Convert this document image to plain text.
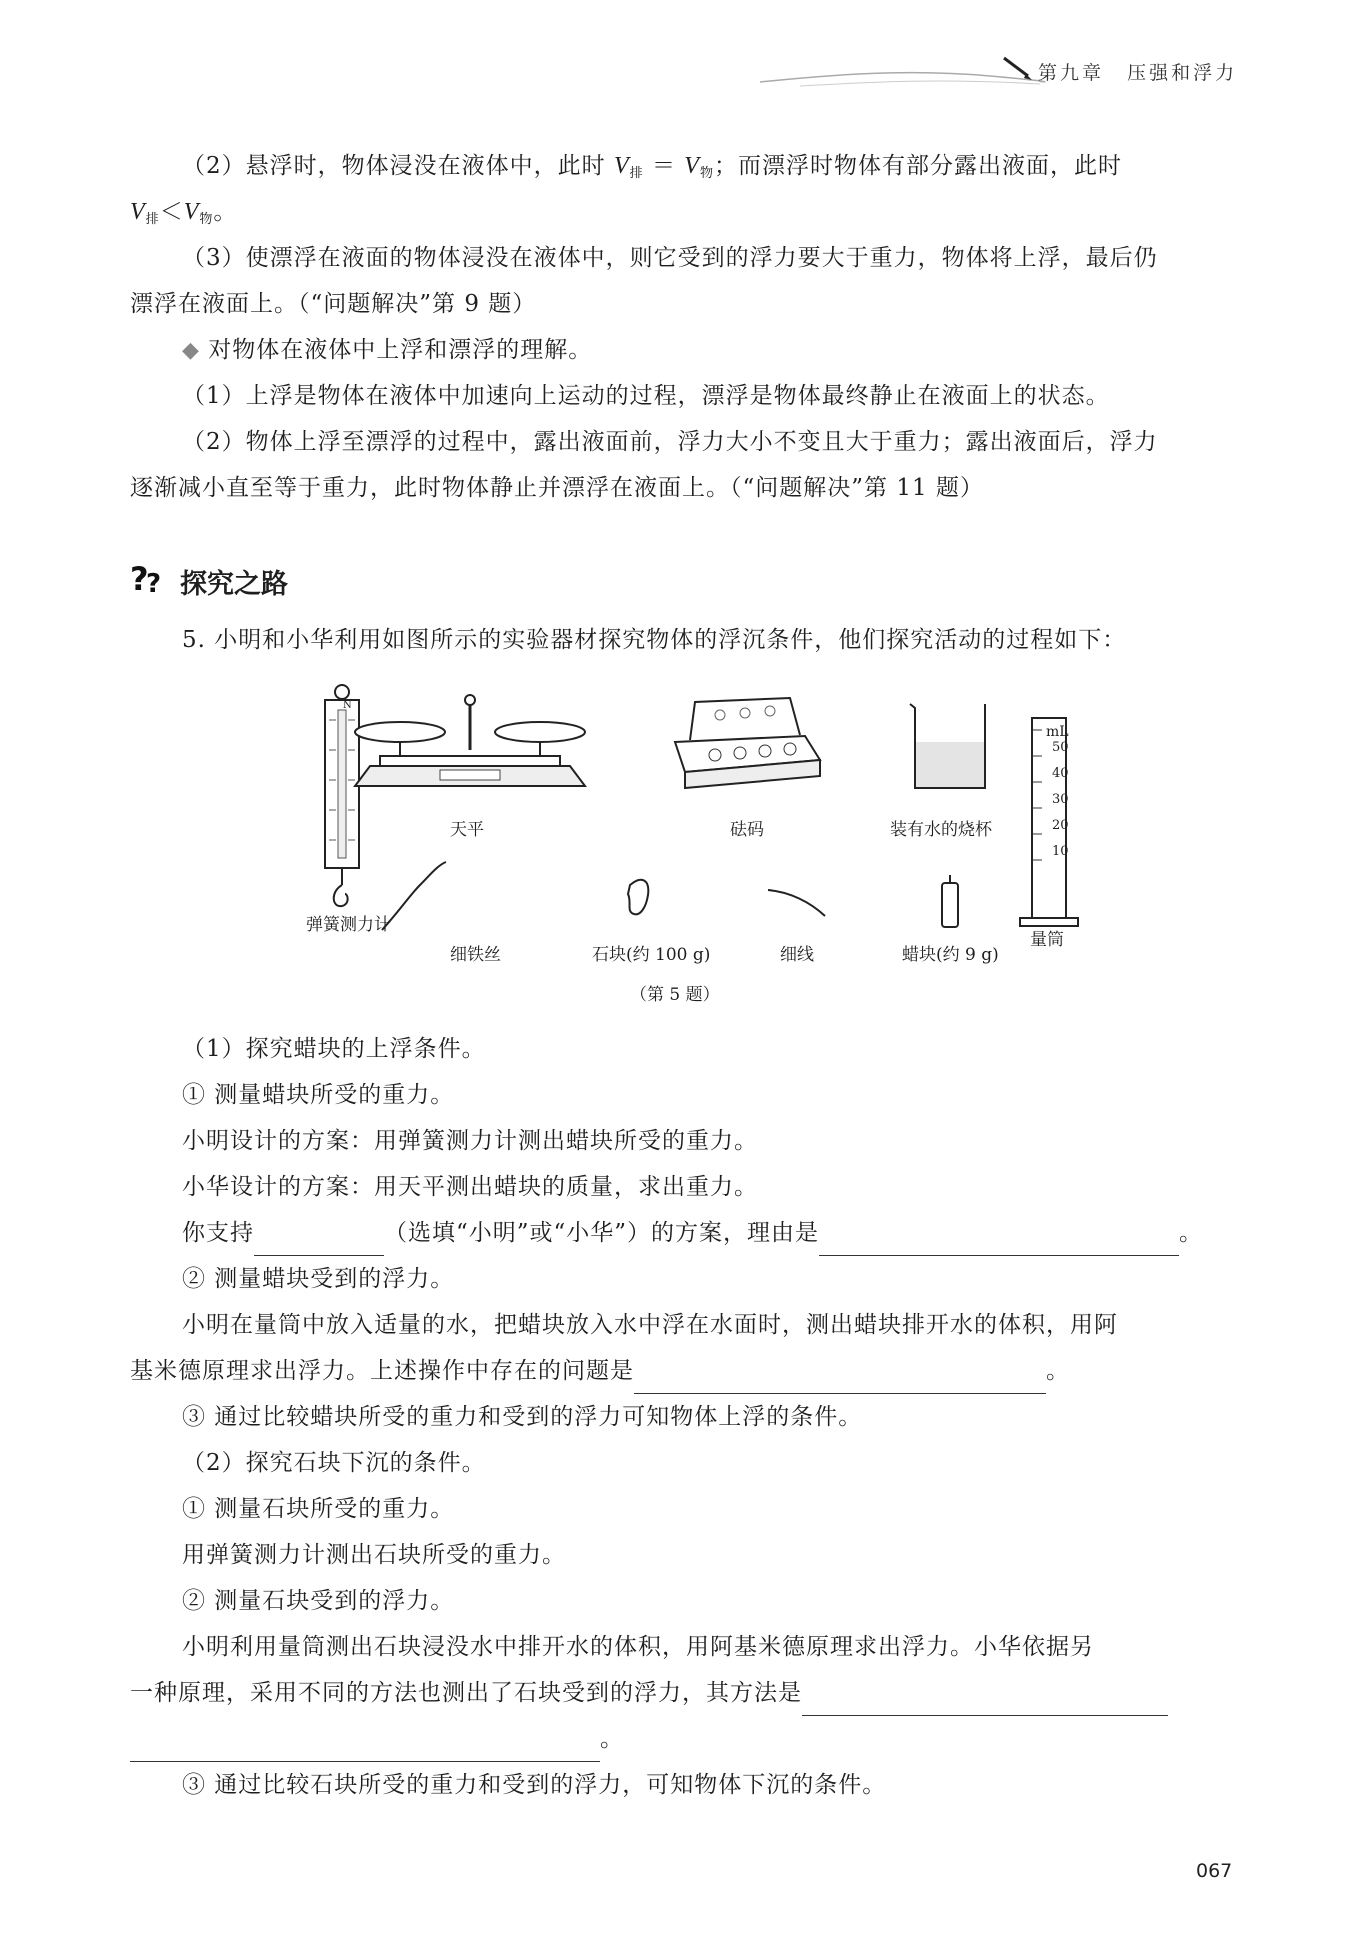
第九章 压强和浮力
（2）悬浮时，物体浸没在液体中，此时 $V_排 = V_物$；而漂浮时物体有部分露出液面，此时
$V_排<V_物$。
（3）使漂浮在液面的物体浸没在液体中，则它受到的浮力要大于重力，物体将上浮，最后仍
漂浮在液面上。（“问题解决”第 9 题）
◆ 对物体在液体中上浮和漂浮的理解。
（1）上浮是物体在液体中加速向上运动的过程，漂浮是物体最终静止在液面上的状态。
（2）物体上浮至漂浮的过程中，露出液面前，浮力大小不变且大于重力；露出液面后，浮力
逐渐减小直至等于重力，此时物体静止并漂浮在液面上。（“问题解决”第 11 题）
?
? 探究之路
5. 小明和小华利用如图所示的实验器材探究物体的浮沉条件，他们探究活动的过程如下：
N
mL
50
40
30
20
10
天平	砝码	装有水的烧杯
弹簧测力计
量筒
细铁丝	石块(约 100 g)	细线	蜡块(约 9 g)
（第 5 题）
（1）探究蜡块的上浮条件。
① 测量蜡块所受的重力。
小明设计的方案：用弹簧测力计测出蜡块所受的重力。
小华设计的方案：用天平测出蜡块的质量，求出重力。
你支持	（选填“小明”或“小华”）的方案，理由是	。
② 测量蜡块受到的浮力。
小明在量筒中放入适量的水，把蜡块放入水中浮在水面时，测出蜡块排开水的体积，用阿
基米德原理求出浮力。上述操作中存在的问题是	。
③ 通过比较蜡块所受的重力和受到的浮力可知物体上浮的条件。
（2）探究石块下沉的条件。
① 测量石块所受的重力。
用弹簧测力计测出石块所受的重力。
② 测量石块受到的浮力。
小明利用量筒测出石块浸没水中排开水的体积，用阿基米德原理求出浮力。小华依据另
一种原理，采用不同的方法也测出了石块受到的浮力，其方法是
。
③ 通过比较石块所受的重力和受到的浮力，可知物体下沉的条件。
067
